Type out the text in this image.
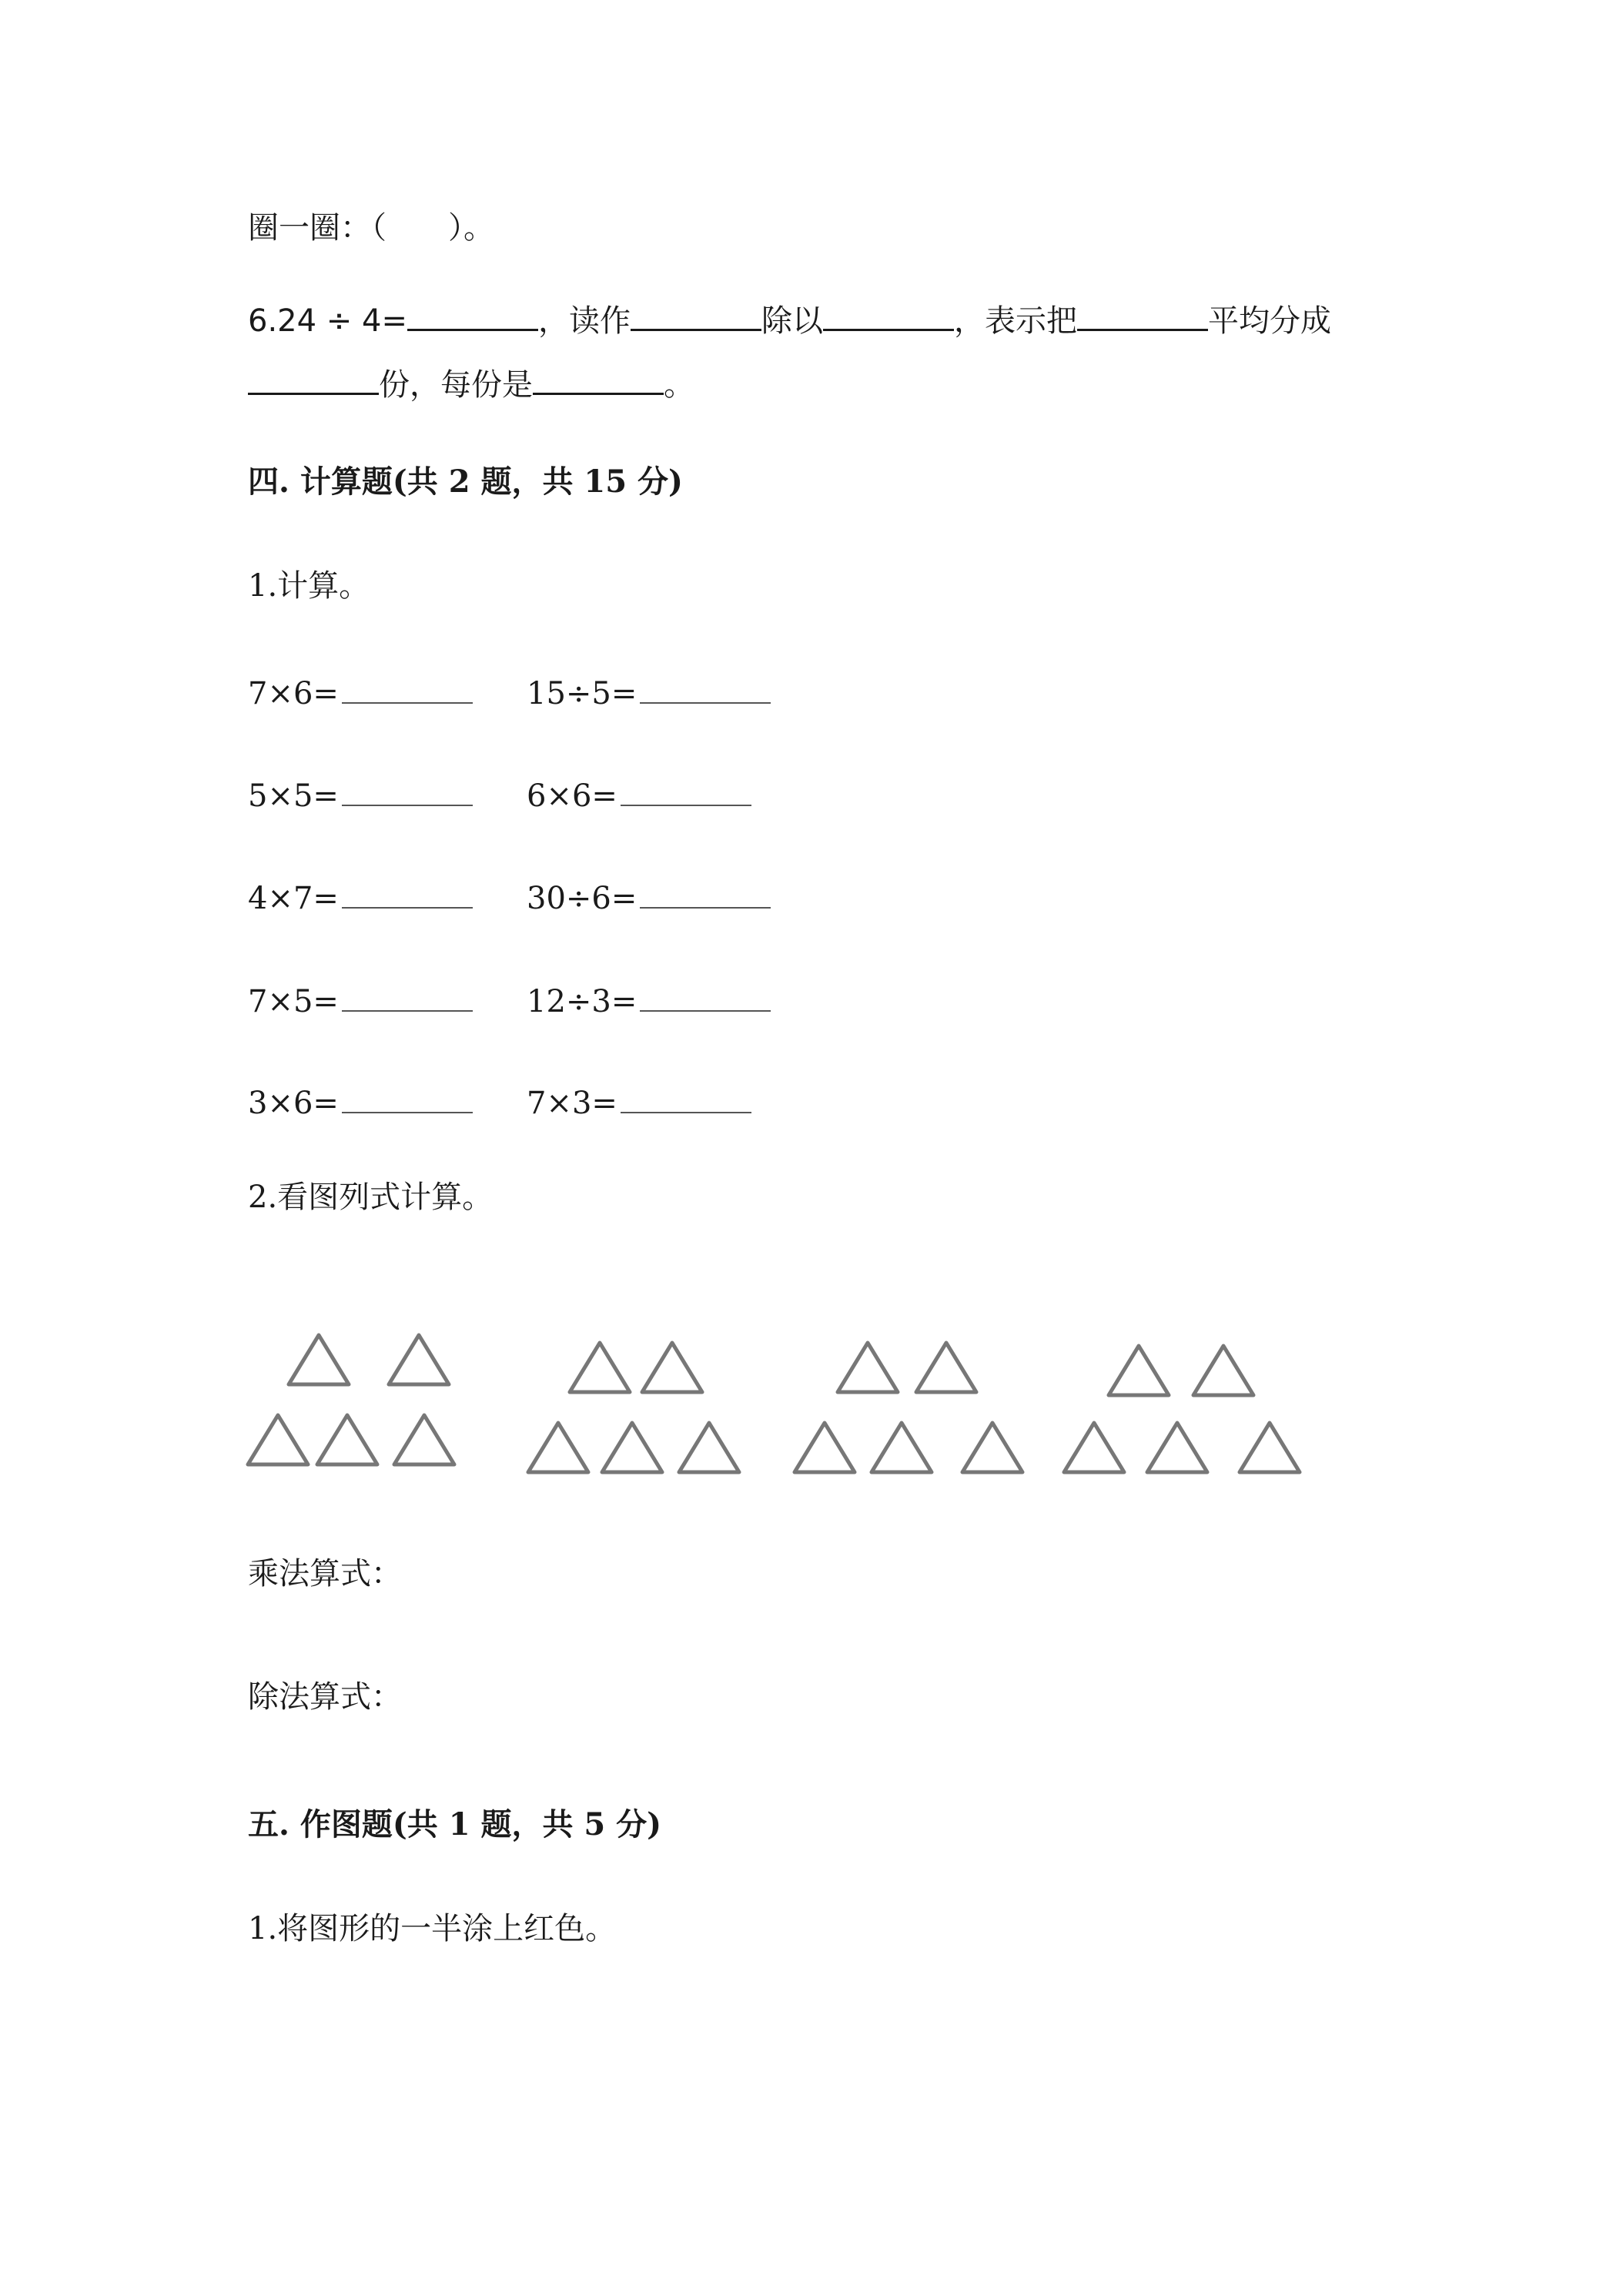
圈一圈：（　　）。
6.24 ÷ 4=	，读作	除以	，表示把	平均分成
份，每份是	。
四. 计算题(共 2 题，共 15 分)
1.计算。
7×6=	15÷5=
5×5=	6×6=
4×7=	30÷6=
7×5=	12÷3=
3×6=	7×3=
2.看图列式计算。
乘法算式：
除法算式：
五. 作图题(共 1 题，共 5 分)
1.将图形的一半涂上红色。
